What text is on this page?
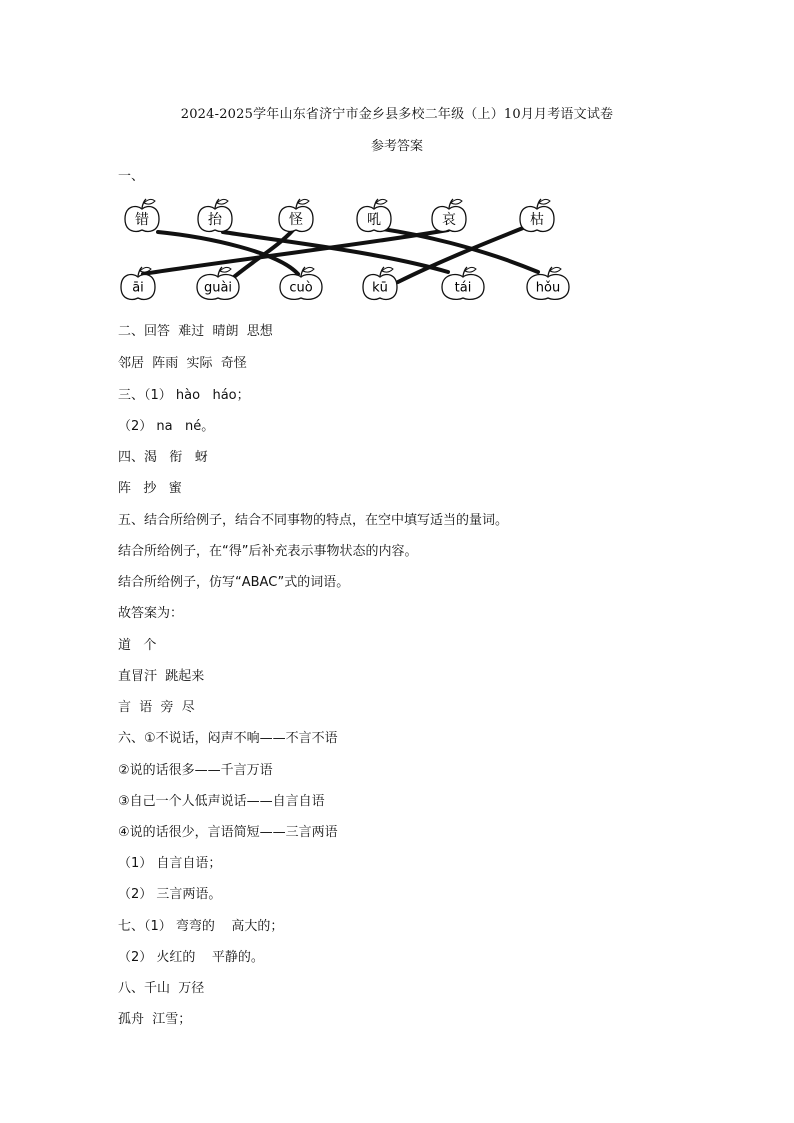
2024-2025学年山东省济宁市金乡县多校二年级（上）10月月考语文试卷
参考答案
一、
错	抬	怪	吼	哀	枯
āi	guài	cuò	kū	tái	hǒu
二、回答  难过  晴朗  思想
邻居  阵雨  实际  奇怪
三、（1） hào   háo；
（2） na   né。
四、渴   衔   蚜
阵   抄   蜜
五、结合所给例子，结合不同事物的特点，在空中填写适当的量词。
结合所给例子，在“得”后补充表示事物状态的内容。
结合所给例子，仿写“ABAC”式的词语。
故答案为：
道   个
直冒汗  跳起来
言  语  旁  尽
六、①不说话，闷声不响——不言不语
②说的话很多——千言万语
③自己一个人低声说话——自言自语
④说的话很少，言语简短——三言两语
（1） 自言自语；
（2） 三言两语。
七、（1） 弯弯的    高大的；
（2） 火红的    平静的。
八、千山  万径
孤舟  江雪；
